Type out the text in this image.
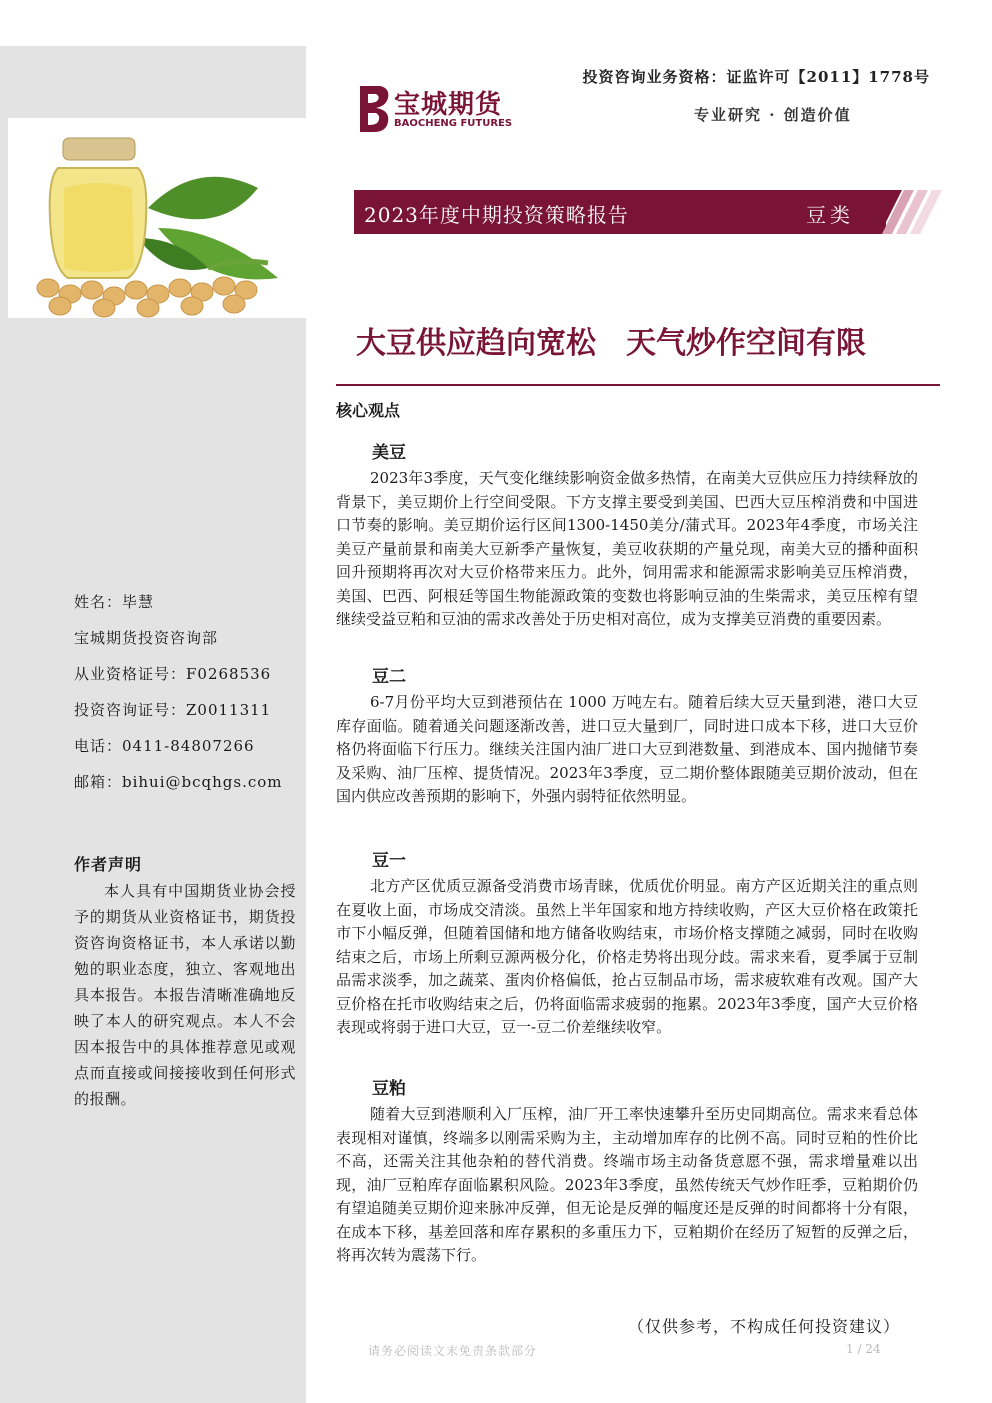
投资咨询业务资格：证监许可【2011】1778号
宝城期货
BAOCHENG FUTURES	专业研究 · 创造价值
2023年度中期投资策略报告	豆类
大豆供应趋向宽松　天气炒作空间有限
核心观点
美豆

2023年3季度，天气变化继续影响资金做多热情，在南美大豆供应压力持续释放的背景下，美豆期价上行空间受限。下方支撑主要受到美国、巴西大豆压榨消费和中国进口节奏的影响。美豆期价运行区间1300-1450美分/蒲式耳。2023年4季度，市场关注美豆产量前景和南美大豆新季产量恢复，美豆收获期的产量兑现，南美大豆的播种面积回升预期将再次对大豆价格带来压力。此外，饲用需求和能源需求影响美豆压榨消费，美国、巴西、阿根廷等国生物能源政策的变数也将影响豆油的生柴需求，美豆压榨有望继续受益豆粕和豆油的需求改善处于历史相对高位，成为支撑美豆消费的重要因素。

豆二

6-7月份平均大豆到港预估在 1000 万吨左右。随着后续大豆天量到港，港口大豆库存面临。随着通关问题逐渐改善，进口豆大量到厂，同时进口成本下移，进口大豆价格仍将面临下行压力。继续关注国内油厂进口大豆到港数量、到港成本、国内抛储节奏及采购、油厂压榨、提货情况。2023年3季度，豆二期价整体跟随美豆期价波动，但在国内供应改善预期的影响下，外强内弱特征依然明显。

豆一

北方产区优质豆源备受消费市场青睐，优质优价明显。南方产区近期关注的重点则在夏收上面，市场成交清淡。虽然上半年国家和地方持续收购，产区大豆价格在政策托市下小幅反弹，但随着国储和地方储备收购结束，市场价格支撑随之减弱，同时在收购结束之后，市场上所剩豆源两极分化，价格走势将出现分歧。需求来看，夏季属于豆制品需求淡季，加之蔬菜、蛋肉价格偏低，抢占豆制品市场，需求疲软难有改观。国产大豆价格在托市收购结束之后，仍将面临需求疲弱的拖累。2023年3季度，国产大豆价格表现或将弱于进口大豆，豆一-豆二价差继续收窄。

豆粕

随着大豆到港顺利入厂压榨，油厂开工率快速攀升至历史同期高位。需求来看总体表现相对谨慎，终端多以刚需采购为主，主动增加库存的比例不高。同时豆粕的性价比不高，还需关注其他杂粕的替代消费。终端市场主动备货意愿不强，需求增量难以出现，油厂豆粕库存面临累积风险。2023年3季度，虽然传统天气炒作旺季，豆粕期价仍有望追随美豆期价迎来脉冲反弹，但无论是反弹的幅度还是反弹的时间都将十分有限，在成本下移，基差回落和库存累积的多重压力下，豆粕期价在经历了短暂的反弹之后，将再次转为震荡下行。

姓名：毕慧
宝城期货投资咨询部
从业资格证号：F0268536
投资咨询证号：Z0011311
电话：0411-84807266
邮箱：bihui@bcqhgs.com
作者声明
本人具有中国期货业协会授予的期货从业资格证书，期货投资咨询资格证书，本人承诺以勤勉的职业态度，独立、客观地出具本报告。本报告清晰准确地反映了本人的研究观点。本人不会因本报告中的具体推荐意见或观点而直接或间接接收到任何形式的报酬。
（仅供参考，不构成任何投资建议）
请务必阅读文末免责条款部分	1 / 24
